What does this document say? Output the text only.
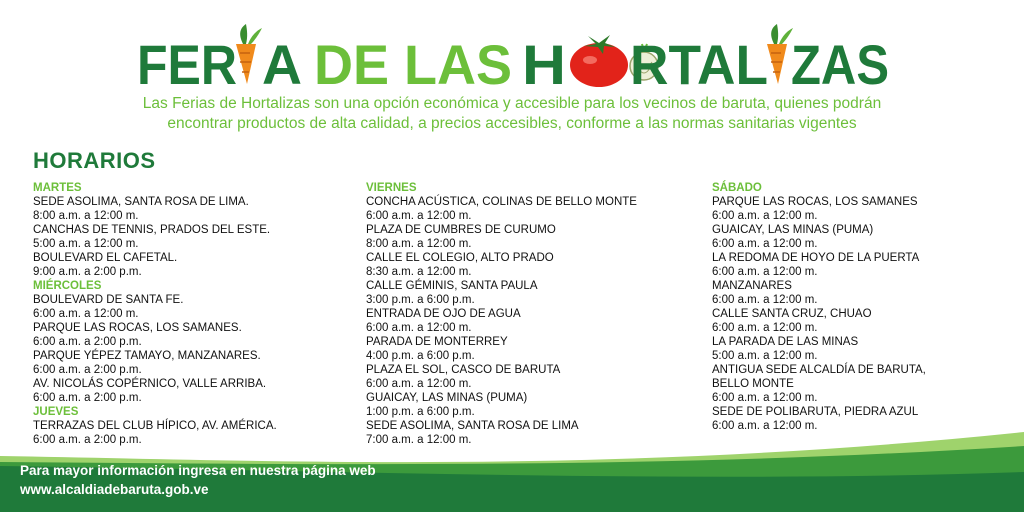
FER A DE LAS H RTAL ZAS
Las Ferias de Hortalizas son una opción económica y accesible para los vecinos de baruta, quienes podrán
encontrar productos de alta calidad, a precios accesibles, conforme a las normas sanitarias vigentes
HORARIOS
MARTES
SEDE ASOLIMA, SANTA ROSA DE LIMA.
8:00 a.m. a 12:00 m.
CANCHAS DE TENNIS, PRADOS DEL ESTE.
5:00 a.m. a 12:00 m.
BOULEVARD EL CAFETAL.
9:00 a.m. a 2:00 p.m.
MIÉRCOLES
BOULEVARD DE SANTA FE.
6:00 a.m. a 12:00 m.
PARQUE LAS ROCAS, LOS SAMANES.
6:00 a.m. a 2:00 p.m.
PARQUE YÉPEZ TAMAYO, MANZANARES.
6:00 a.m. a 2:00 p.m.
AV. NICOLÁS COPÉRNICO, VALLE ARRIBA.
6:00 a.m. a 2:00 p.m.
JUEVES
TERRAZAS DEL CLUB HÍPICO, AV. AMÉRICA.
6:00 a.m. a 2:00 p.m.
VIERNES
CONCHA ACÚSTICA, COLINAS DE BELLO MONTE
6:00 a.m. a 12:00 m.
PLAZA DE CUMBRES DE CURUMO
8:00 a.m. a 12:00 m.
CALLE EL COLEGIO, ALTO PRADO
8:30 a.m. a 12:00 m.
CALLE GÉMINIS, SANTA PAULA
3:00 p.m. a 6:00 p.m.
ENTRADA DE OJO DE AGUA
6:00 a.m. a 12:00 m.
PARADA DE MONTERREY
4:00 p.m. a 6:00 p.m.
PLAZA EL SOL, CASCO DE BARUTA
6:00 a.m. a 12:00 m.
GUAICAY, LAS MINAS (PUMA)
1:00 p.m. a 6:00 p.m.
SEDE ASOLIMA, SANTA ROSA DE LIMA
7:00 a.m. a 12:00 m.
SÁBADO
PARQUE LAS ROCAS, LOS SAMANES
6:00 a.m. a 12:00 m.
GUAICAY, LAS MINAS (PUMA)
6:00 a.m. a 12:00 m.
LA REDOMA DE HOYO DE LA PUERTA
6:00 a.m. a 12:00 m.
MANZANARES
6:00 a.m. a 12:00 m.
CALLE SANTA CRUZ, CHUAO
6:00 a.m. a 12:00 m.
LA PARADA DE LAS MINAS
5:00 a.m. a 12:00 m.
ANTIGUA SEDE ALCALDÍA DE BARUTA,
BELLO MONTE
6:00 a.m. a 12:00 m.
SEDE DE POLIBARUTA, PIEDRA AZUL
6:00 a.m. a 12:00 m.
Para mayor información ingresa en nuestra página web
www.alcaldiadebaruta.gob.ve
